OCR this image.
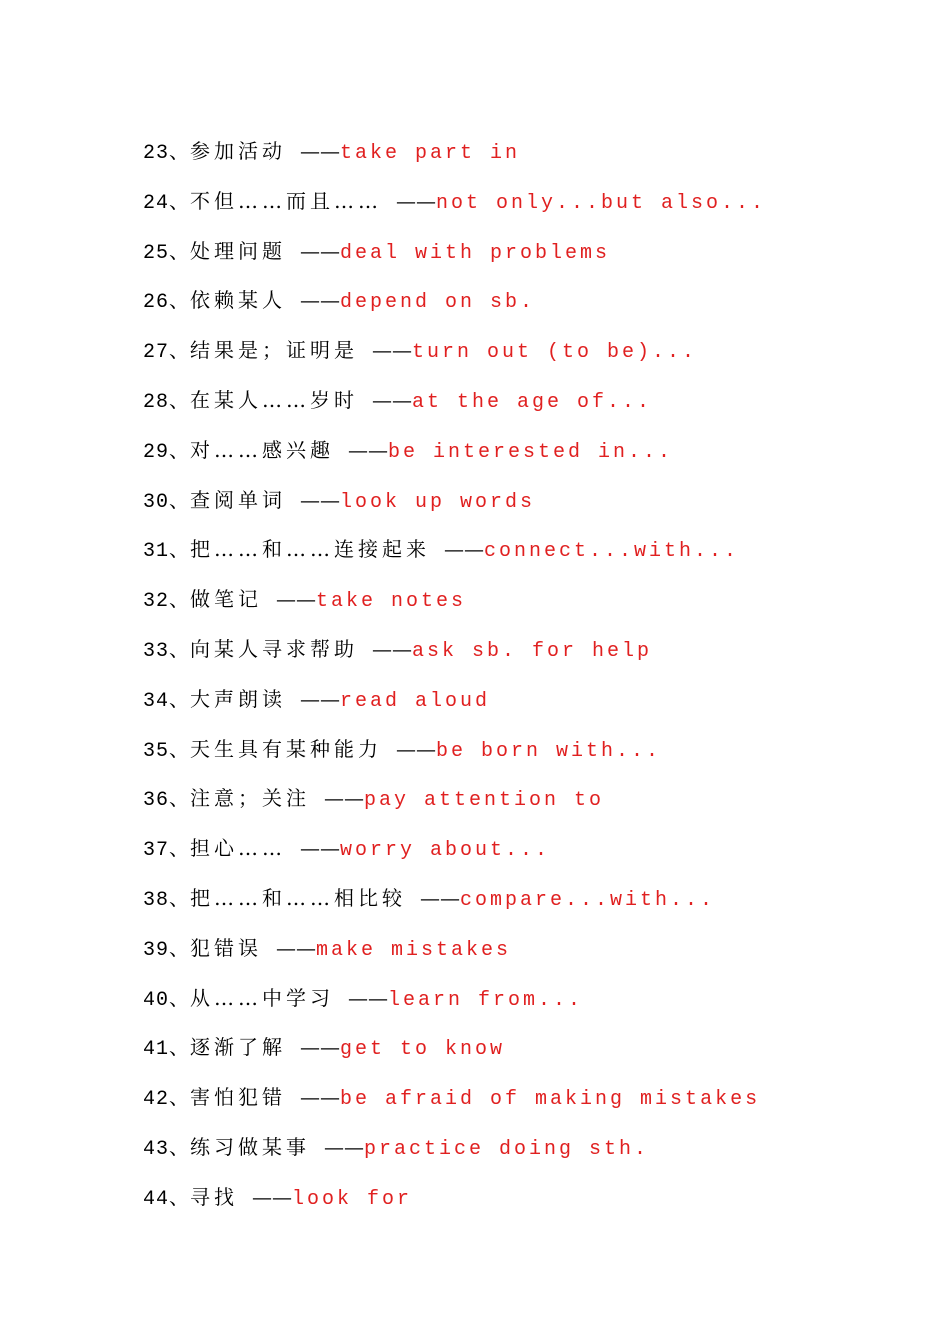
23、参加活动 ——take part in
24、不但……而且…… ——not only...but also...
25、处理问题 ——deal with problems
26、依赖某人 ——depend on sb.
27、结果是；证明是 ——turn out (to be)...
28、在某人……岁时 ——at the age of...
29、对……感兴趣 ——be interested in...
30、查阅单词 ——look up words
31、把……和……连接起来 ——connect...with...
32、做笔记 ——take notes
33、向某人寻求帮助 ——ask sb. for help
34、大声朗读 ——read aloud
35、天生具有某种能力 ——be born with...
36、注意；关注 ——pay attention to
37、担心…… ——worry about...
38、把……和……相比较 ——compare...with...
39、犯错误 ——make mistakes
40、从……中学习 ——learn from...
41、逐渐了解 ——get to know
42、害怕犯错 ——be afraid of making mistakes
43、练习做某事 ——practice doing sth.
44、寻找 ——look for
